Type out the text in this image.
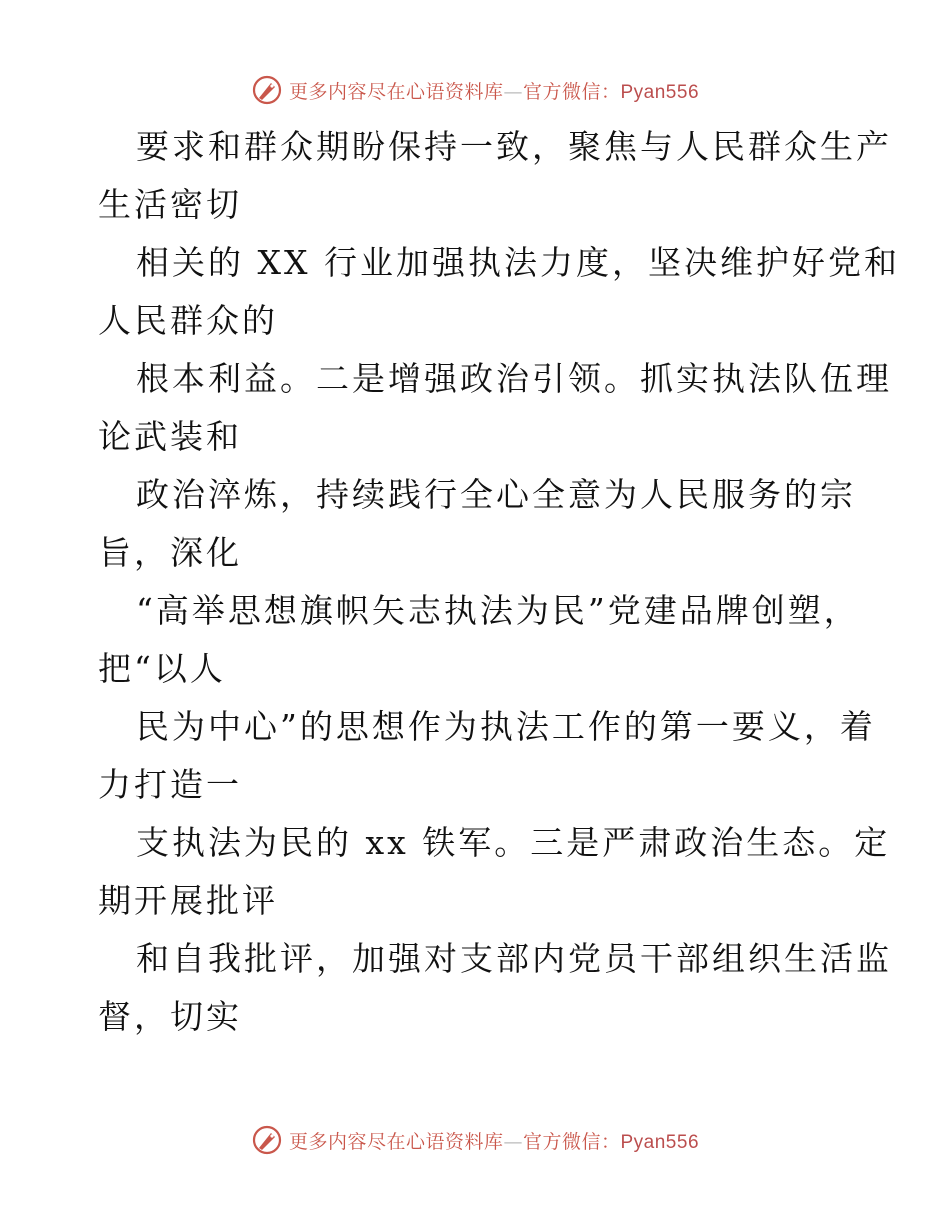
更多内容尽在心语资料库—官方微信：Pyan556
要求和群众期盼保持一致，聚焦与人民群众生产
生活密切
相关的 XX 行业加强执法力度，坚决维护好党和
人民群众的
根本利益。二是增强政治引领。抓实执法队伍理
论武装和
政治淬炼，持续践行全心全意为人民服务的宗
旨，深化
“高举思想旗帜矢志执法为民”党建品牌创塑，
把“以人
民为中心”的思想作为执法工作的第一要义，着
力打造一
支执法为民的 xx 铁军。三是严肃政治生态。定
期开展批评
和自我批评，加强对支部内党员干部组织生活监
督，切实
更多内容尽在心语资料库—官方微信：Pyan556
